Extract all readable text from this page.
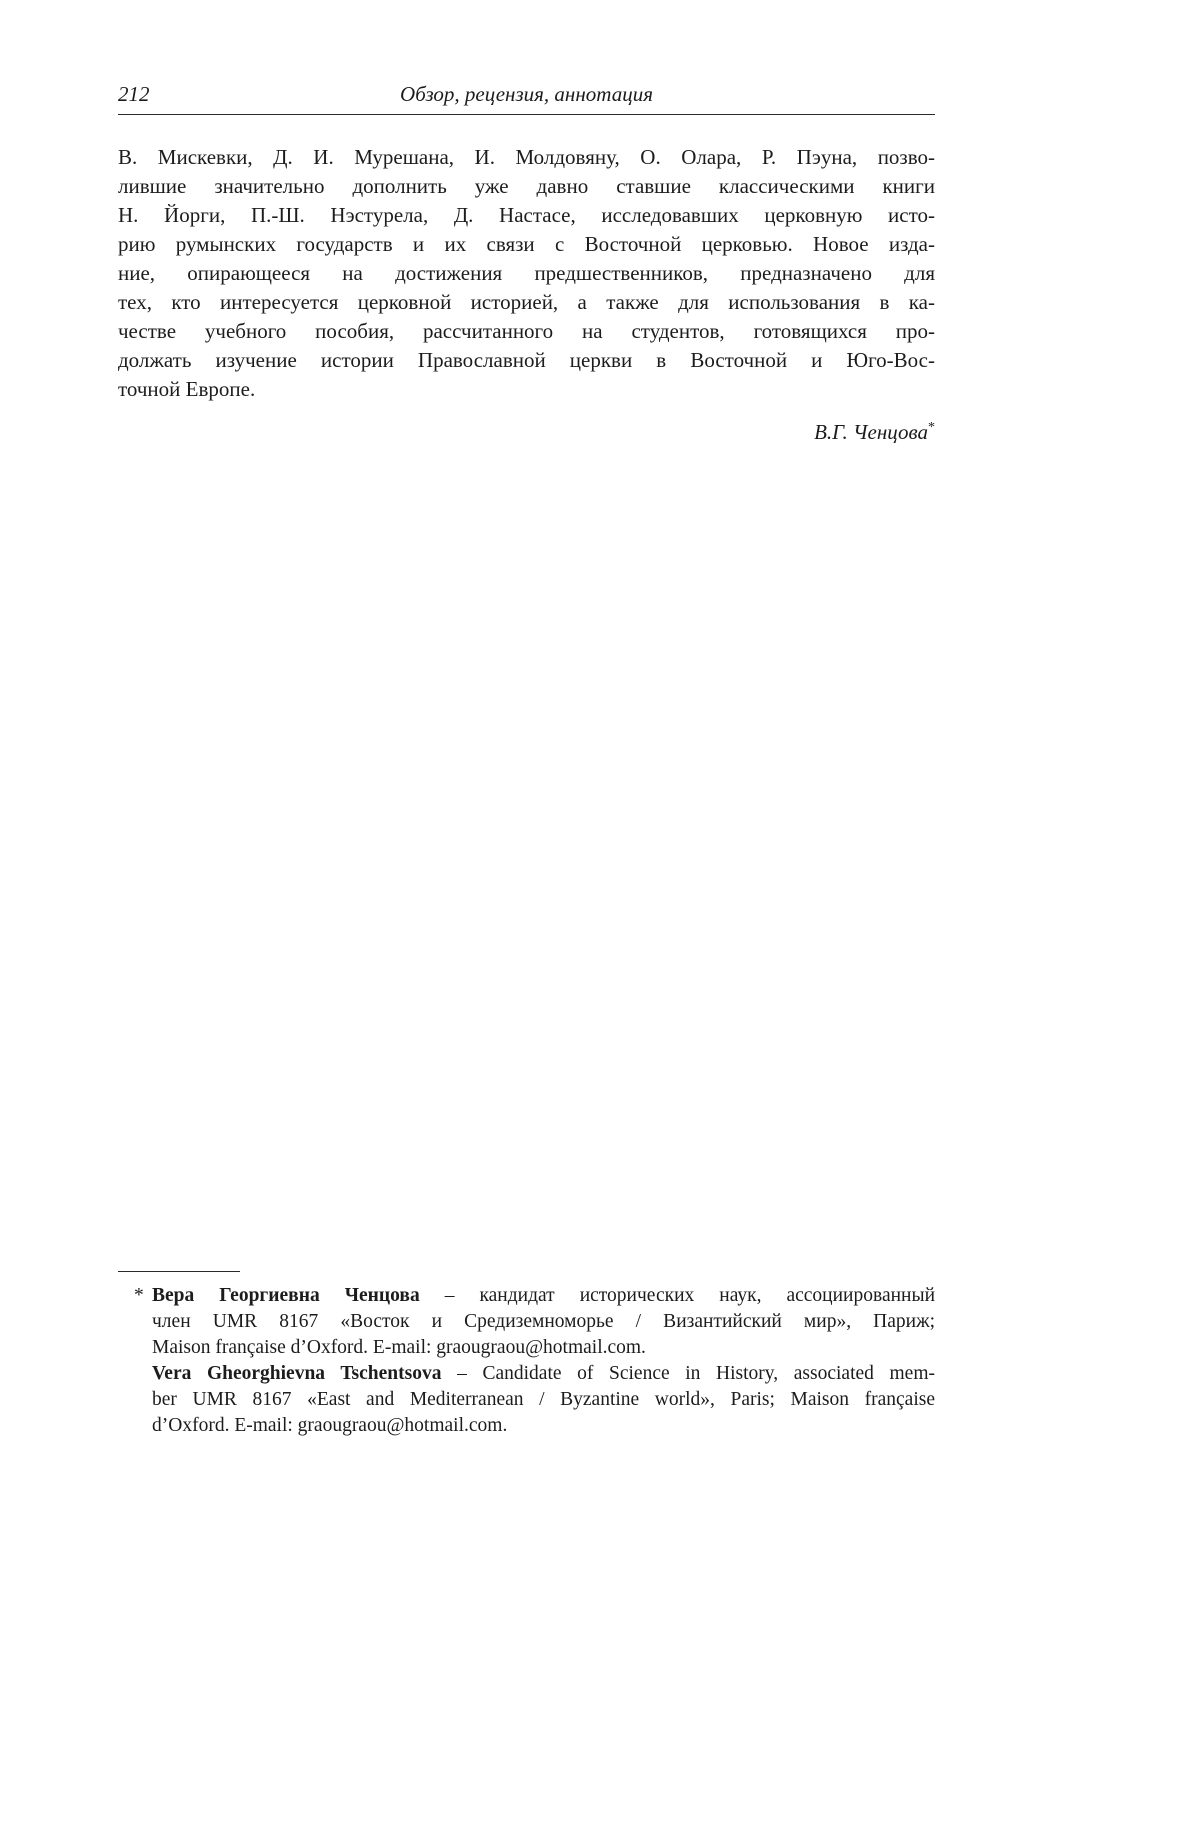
212	Обзор, рецензия, аннотация
В. Мискевки, Д. И. Мурешана, И. Молдовяну, О. Олара, Р. Пэуна, позво-
лившие значительно дополнить уже давно ставшие классическими книги
Н. Йорги, П.-Ш. Нэстурела, Д. Настасе, исследовавших церковную исто-
рию румынских государств и их связи с Восточной церковью. Новое изда-
ние, опирающееся на достижения предшественников, предназначено для
тех, кто интересуется церковной историей, а также для использования в ка-
честве учебного пособия, рассчитанного на студентов, готовящихся про-
должать изучение истории Православной церкви в Восточной и Юго-Вос-
точной Европе.
В.Г. Ченцова*
* Вера Георгиевна Ченцова – кандидат исторических наук, ассоциированный
член UMR 8167 «Восток и Средиземноморье / Византийский мир», Париж;
Maison française d’Oxford. E-mail: graougraou@hotmail.com.
Vera Gheorghievna Tschentsova – Candidate of Science in History, associated mem-
ber UMR 8167 «East and Mediterranean / Byzantine world», Paris; Maison française
d’Oxford. E-mail: graougraou@hotmail.com.
